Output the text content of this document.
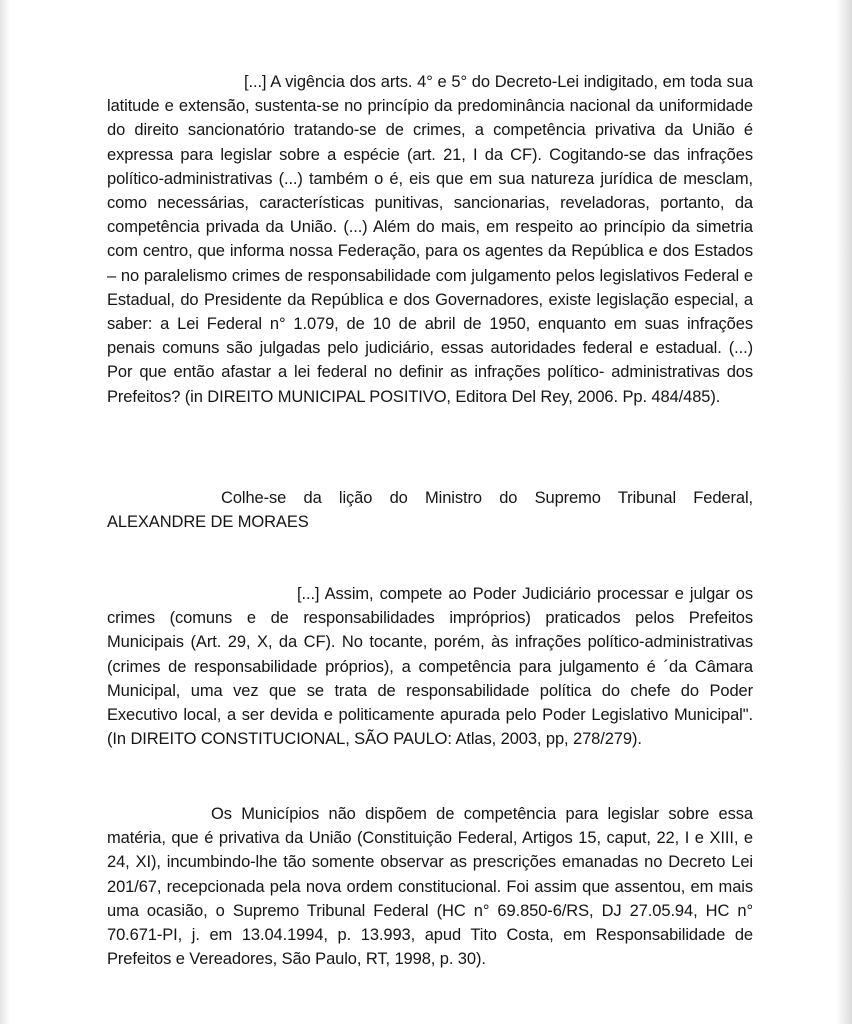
[...] A vigência dos arts. 4° e 5° do Decreto-Lei indigitado, em toda sua latitude e extensão, sustenta-se no princípio da predominância nacional da uniformidade do direito sancionatório tratando-se de crimes, a competência privativa da União é expressa para legislar sobre a espécie (art. 21, I da CF). Cogitando-se das infrações político-administrativas (...) também o é, eis que em sua natureza jurídica de mesclam, como necessárias, características punitivas, sancionarias, reveladoras, portanto, da competência privada da União. (...) Além do mais, em respeito ao princípio da simetria com centro, que informa nossa Federação, para os agentes da República e dos Estados – no paralelismo crimes de responsabilidade com julgamento pelos legislativos Federal e Estadual, do Presidente da República e dos Governadores, existe legislação especial, a saber: a Lei Federal n° 1.079, de 10 de abril de 1950, enquanto em suas infrações penais comuns são julgadas pelo judiciário, essas autoridades federal e estadual. (...) Por que então afastar a lei federal no definir as infrações político- administrativas dos Prefeitos? (in DIREITO MUNICIPAL POSITIVO, Editora Del Rey, 2006. Pp. 484/485).

Colhe-se da lição do Ministro do Supremo Tribunal Federal, ALEXANDRE DE MORAES

[...] Assim, compete ao Poder Judiciário processar e julgar os crimes (comuns e de responsabilidades impróprios) praticados pelos Prefeitos Municipais (Art. 29, X, da CF). No tocante, porém, às infrações político-administrativas (crimes de responsabilidade próprios), a competência para julgamento é ´da Câmara Municipal, uma vez que se trata de responsabilidade política do chefe do Poder Executivo local, a ser devida e politicamente apurada pelo Poder Legislativo Municipal". (In DIREITO CONSTITUCIONAL, SÃO PAULO: Atlas, 2003, pp, 278/279).

Os Municípios não dispõem de competência para legislar sobre essa matéria, que é privativa da União (Constituição Federal, Artigos 15, caput, 22, I e XIII, e 24, XI), incumbindo-lhe tão somente observar as prescrições emanadas no Decreto Lei 201/67, recepcionada pela nova ordem constitucional. Foi assim que assentou, em mais uma ocasião, o Supremo Tribunal Federal (HC n° 69.850-6/RS, DJ 27.05.94, HC n° 70.671-PI, j. em 13.04.1994, p. 13.993, apud Tito Costa, em Responsabilidade de Prefeitos e Vereadores, São Paulo, RT, 1998, p. 30).
